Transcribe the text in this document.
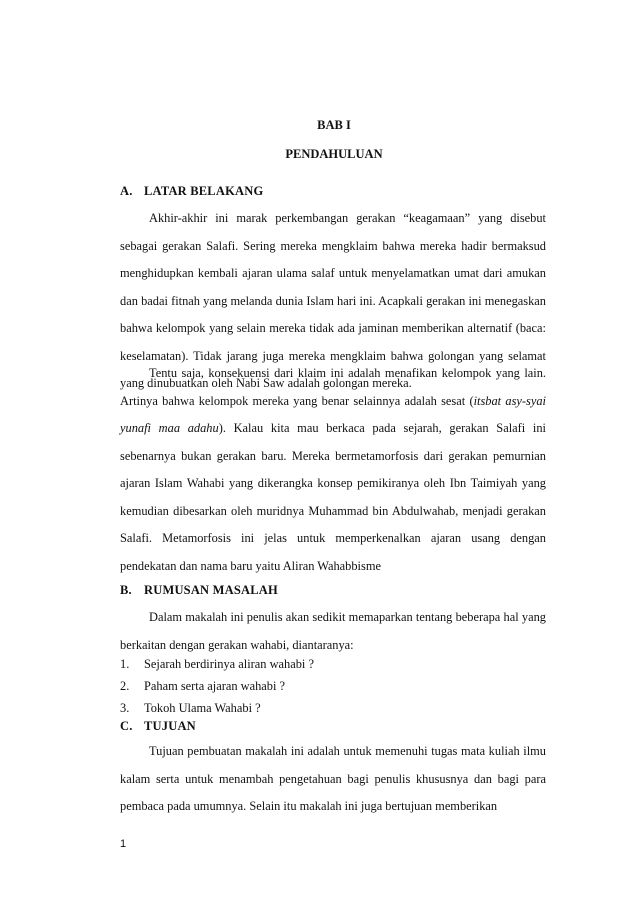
BAB I
PENDAHULUAN
A. LATAR BELAKANG

Akhir-akhir ini marak perkembangan gerakan “keagamaan” yang disebut sebagai gerakan Salafi. Sering mereka mengklaim bahwa mereka hadir bermaksud menghidupkan kembali ajaran ulama salaf untuk menyelamatkan umat dari amukan dan badai fitnah yang melanda dunia Islam hari ini. Acapkali gerakan ini menegaskan bahwa kelompok yang selain mereka tidak ada jaminan memberikan alternatif (baca: keselamatan). Tidak jarang juga mereka mengklaim bahwa golongan yang selamat yang dinubuatkan oleh Nabi Saw adalah golongan mereka.

Tentu saja, konsekuensi dari klaim ini adalah menafikan kelompok yang lain. Artinya bahwa kelompok mereka yang benar selainnya adalah sesat (itsbat asy-syai yunafi maa adahu). Kalau kita mau berkaca pada sejarah, gerakan Salafi ini sebenarnya bukan gerakan baru. Mereka bermetamorfosis dari gerakan pemurnian ajaran Islam Wahabi yang dikerangka konsep pemikiranya oleh Ibn Taimiyah yang kemudian dibesarkan oleh muridnya Muhammad bin Abdulwahab, menjadi gerakan Salafi. Metamorfosis ini jelas untuk memperkenalkan ajaran usang dengan pendekatan dan nama baru yaitu Aliran Wahabbisme

B. RUMUSAN MASALAH

Dalam makalah ini penulis akan sedikit memaparkan tentang beberapa hal yang berkaitan dengan gerakan wahabi, diantaranya:

1. Sejarah berdirinya aliran wahabi ?
2. Paham serta ajaran wahabi ?
3. Tokoh Ulama Wahabi ?
C. TUJUAN

Tujuan pembuatan makalah ini adalah untuk memenuhi tugas mata kuliah ilmu kalam serta untuk menambah pengetahuan bagi penulis khususnya dan bagi para pembaca pada umumnya. Selain itu makalah ini juga bertujuan memberikan

1
